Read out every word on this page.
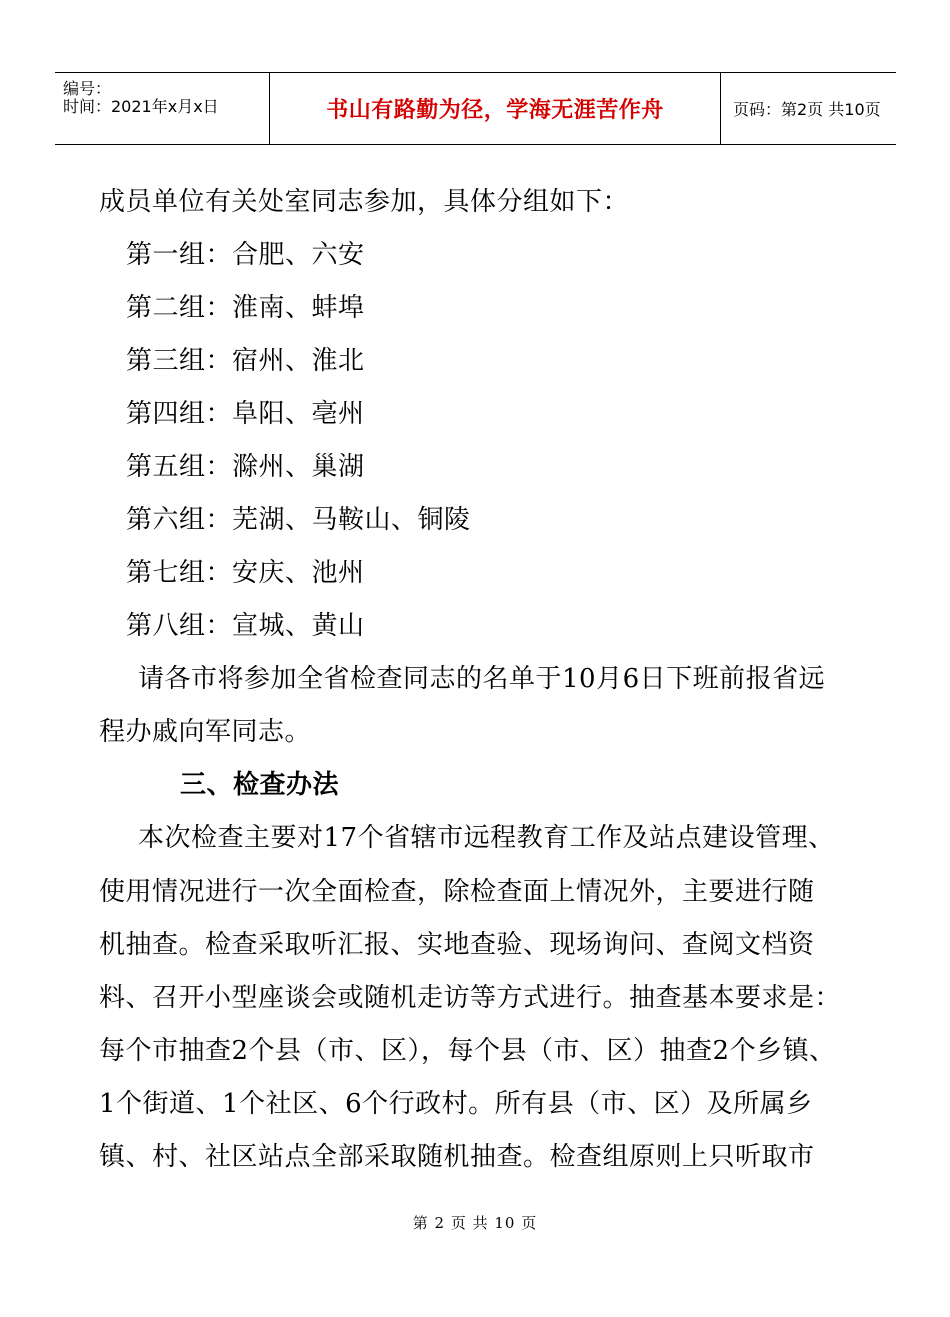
编号：
时间：2021年x月x日	书山有路勤为径，学海无涯苦作舟	页码：第2页 共10页
成员单位有关处室同志参加，具体分组如下：
第一组：合肥、六安
第二组：淮南、蚌埠
第三组：宿州、淮北
第四组：阜阳、亳州
第五组：滁州、巢湖
第六组：芜湖、马鞍山、铜陵
第七组：安庆、池州
第八组：宣城、黄山
请各市将参加全省检查同志的名单于10月6日下班前报省远
程办戚向军同志。
三、检查办法
本次检查主要对17个省辖市远程教育工作及站点建设管理、
使用情况进行一次全面检查，除检查面上情况外，主要进行随
机抽查。检查采取听汇报、实地查验、现场询问、查阅文档资
料、召开小型座谈会或随机走访等方式进行。抽查基本要求是：
每个市抽查2个县（市、区），每个县（市、区）抽查2个乡镇、
1个街道、1个社区、6个行政村。所有县（市、区）及所属乡
镇、村、社区站点全部采取随机抽查。检查组原则上只听取市
第 2 页 共 10 页
